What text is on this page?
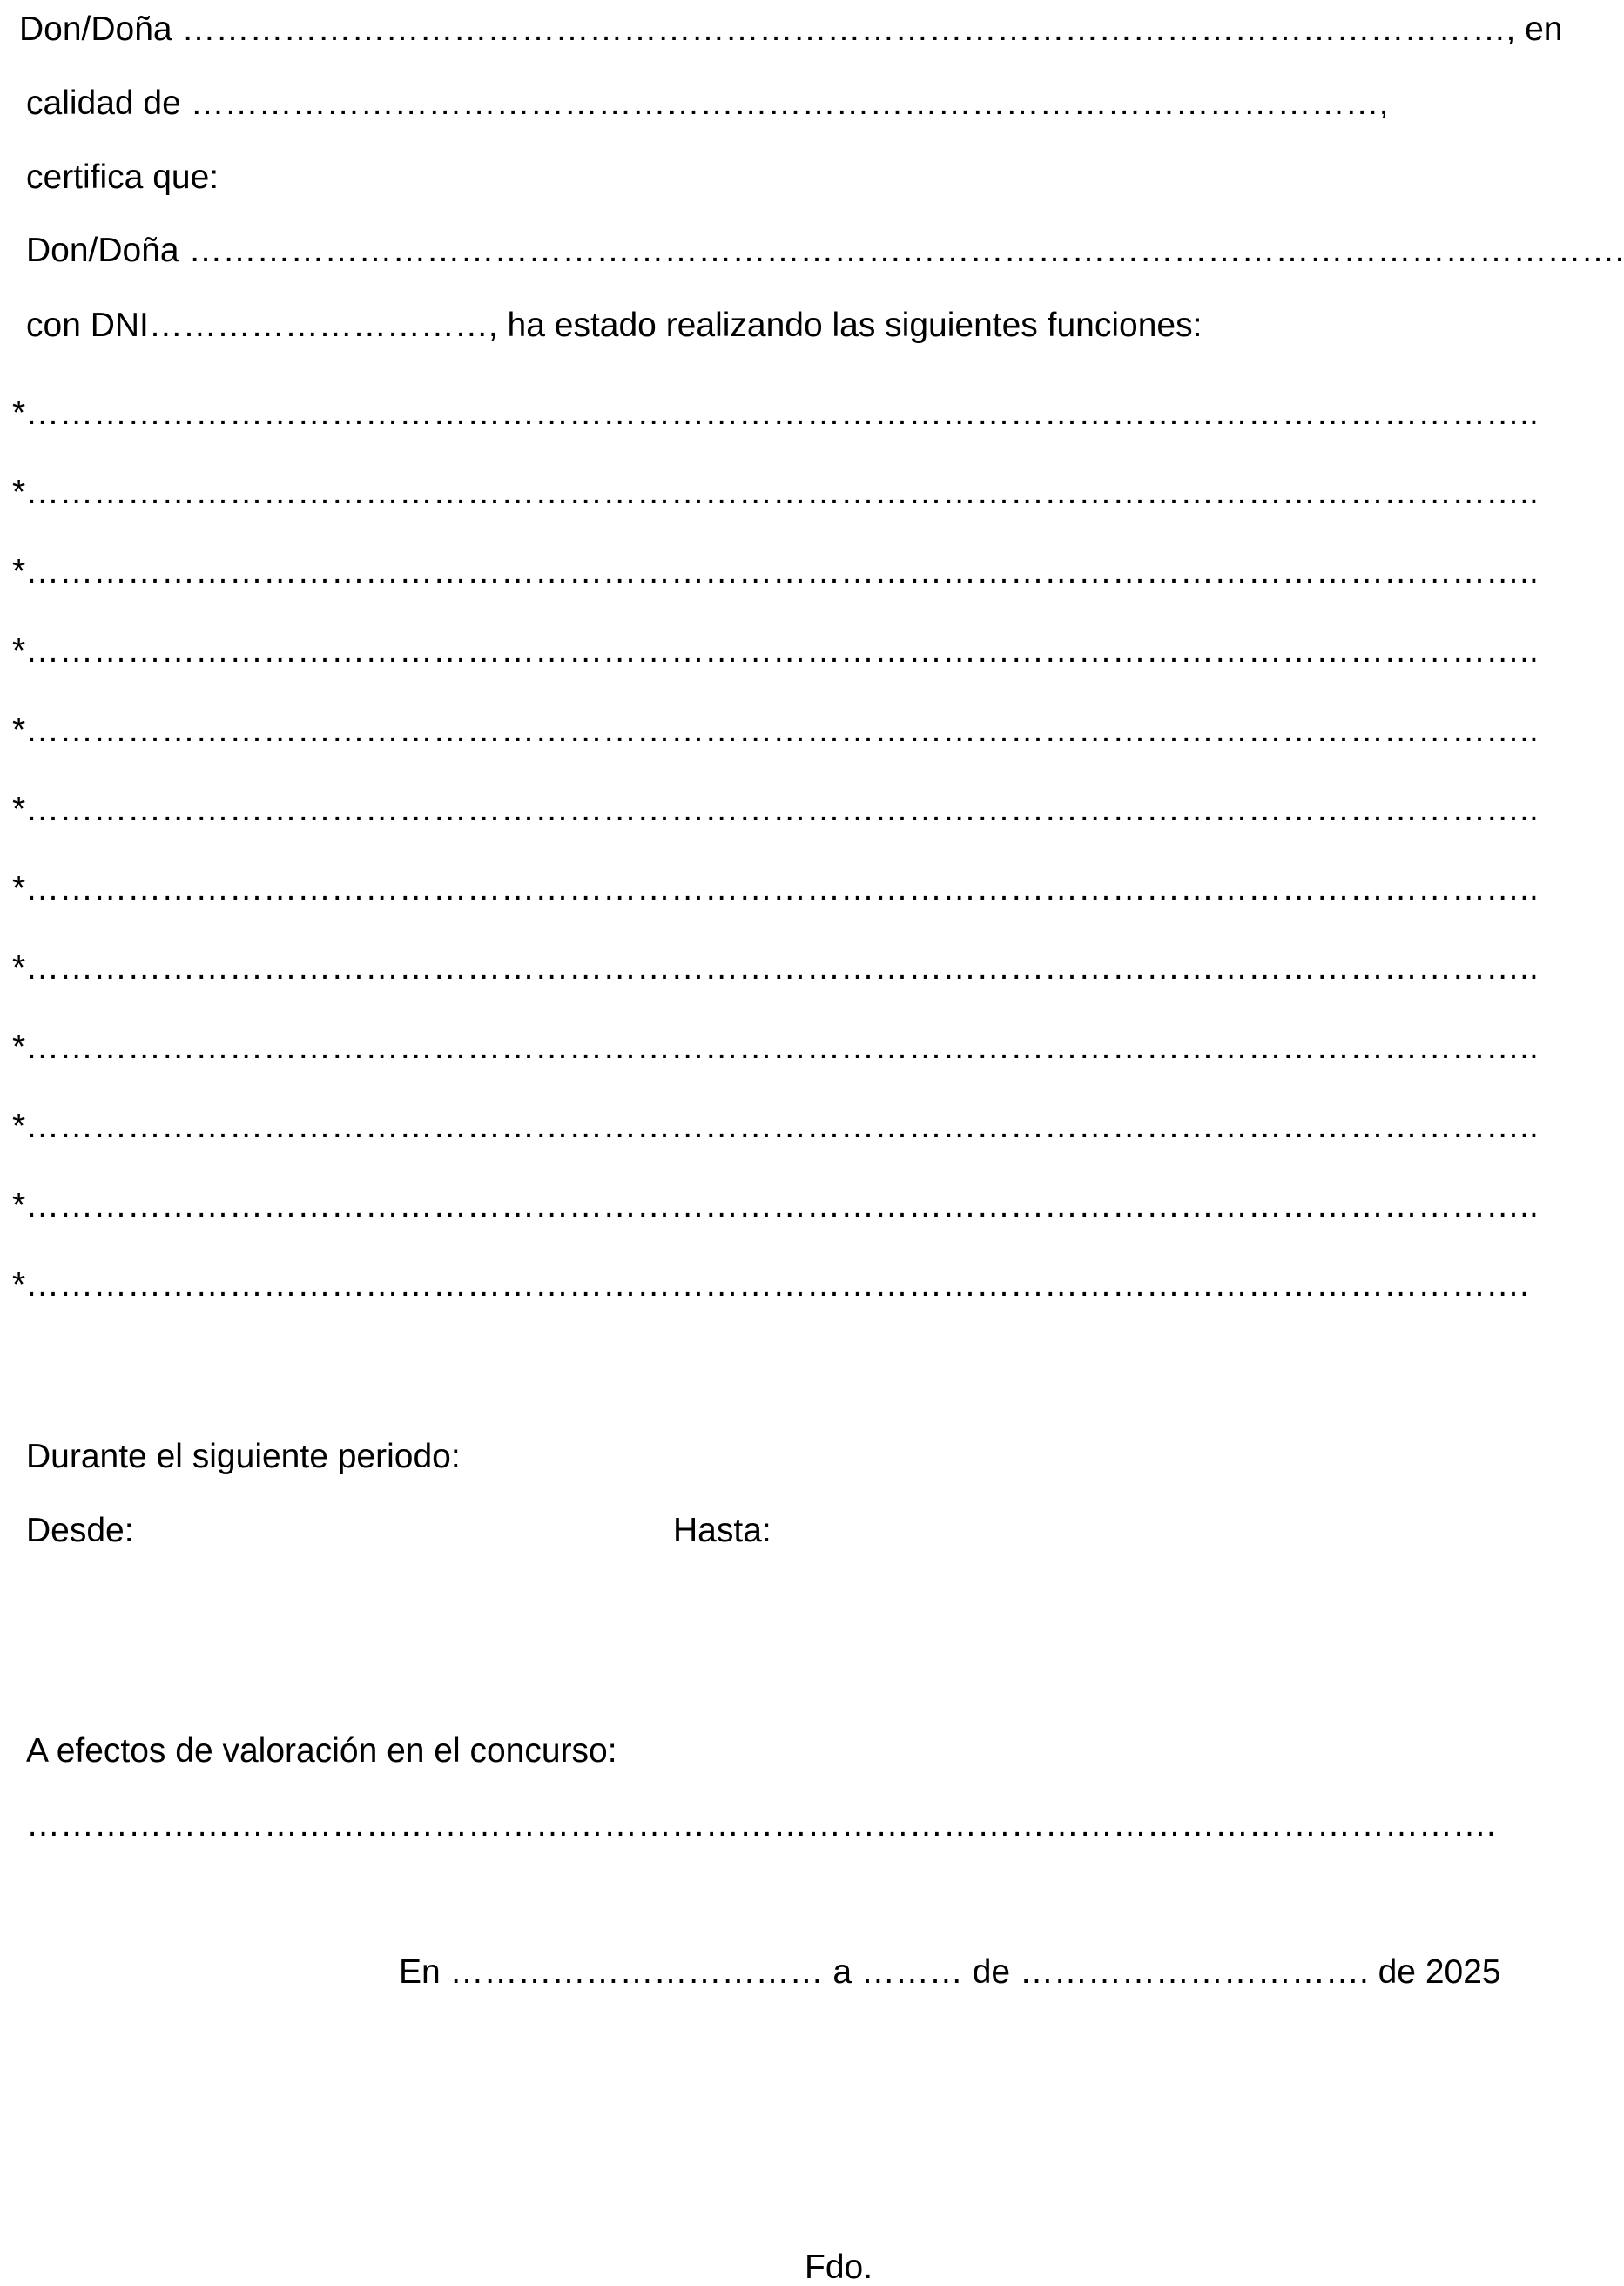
Don/Doña ………………………………………………………………………………………………………, en
calidad de ……………………………………………………………………………………………,
certifica que:
Don/Doña ……………………………………………………………………………………………………………….
con DNI…………………………, ha estado realizando las siguientes funciones:
*……………………………………………………………………………………………………………………..
*……………………………………………………………………………………………………………………..
*……………………………………………………………………………………………………………………..
*……………………………………………………………………………………………………………………..
*……………………………………………………………………………………………………………………..
*……………………………………………………………………………………………………………………..
*……………………………………………………………………………………………………………………..
*……………………………………………………………………………………………………………………..
*……………………………………………………………………………………………………………………..
*……………………………………………………………………………………………………………………..
*……………………………………………………………………………………………………………………..
*…………………………………………………………………………………………………………………….
Durante el siguiente periodo:
Desde:	Hasta:
A efectos de valoración en el concurso:
………………………………………………………………………………………………………………….
En …………………………… a ……… de …………………………. de 2025
Fdo.
